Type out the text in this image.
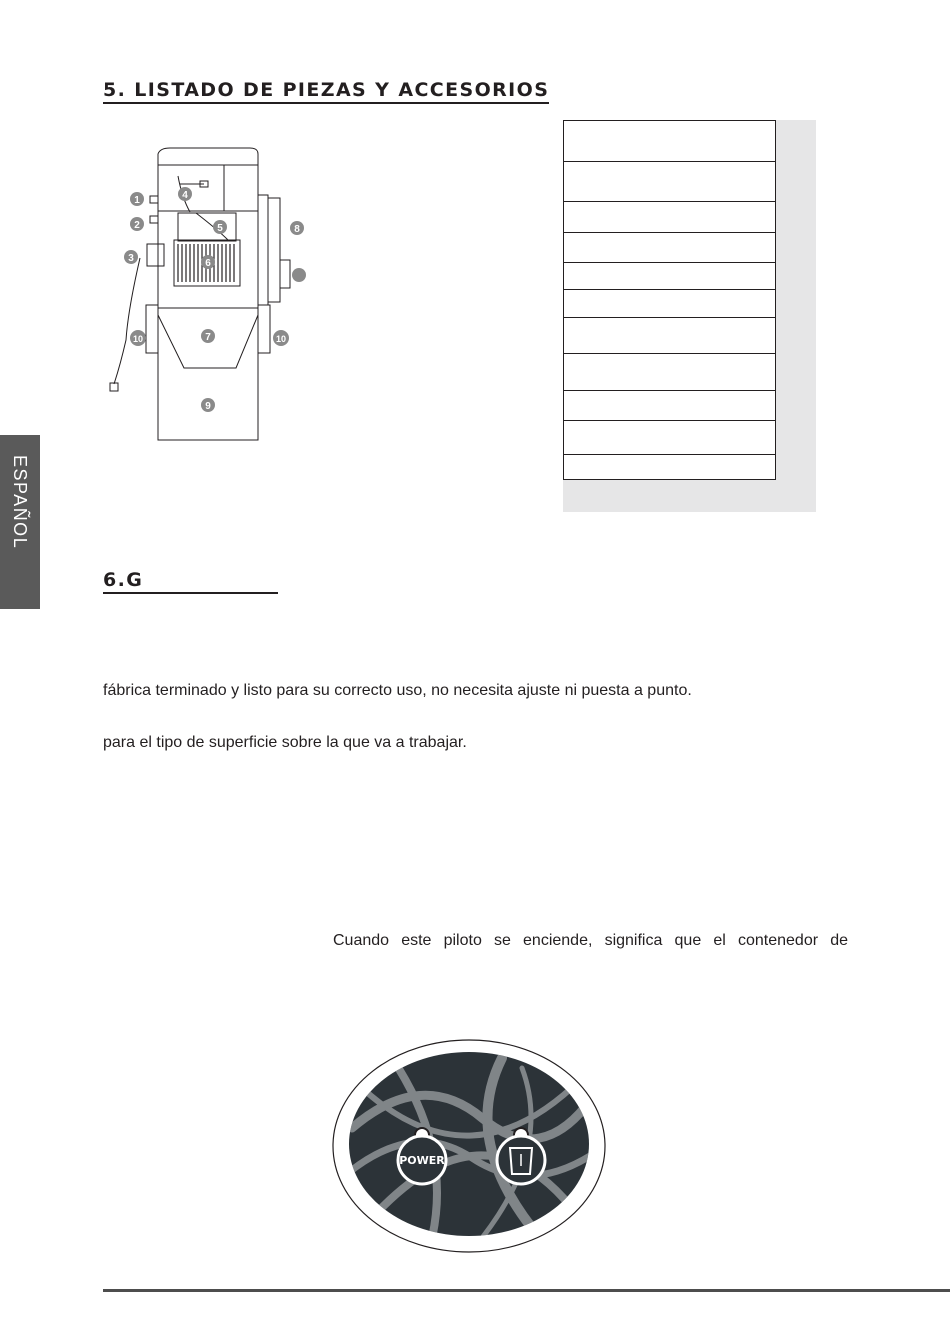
5. LISTADO DE PIEZAS Y ACCESORIOS
1
2
3
4
5
6
7
8
9
10	10

ESPAÑOL
6.G
fábrica terminado y listo para su correcto uso, no necesita ajuste ni puesta a punto.
para el tipo de superficie sobre la que va a trabajar.
Cuando este piloto se enciende, significa que el contenedor de
POWER
